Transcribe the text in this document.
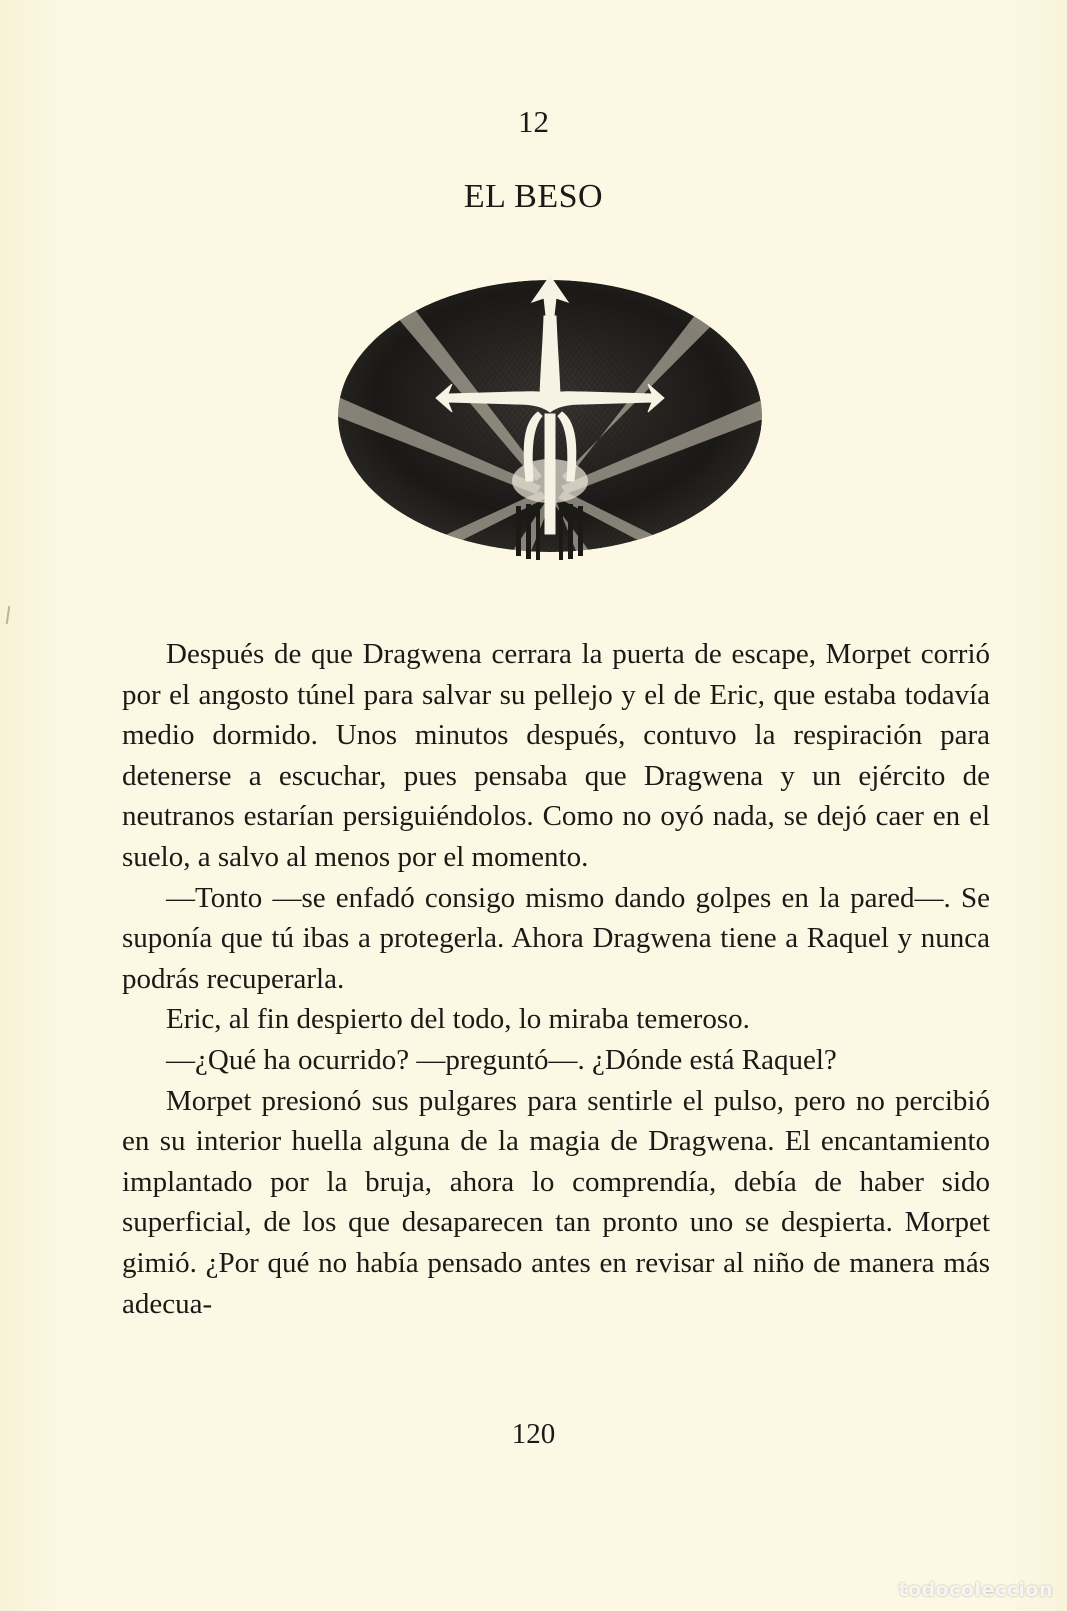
12
EL BESO

Después de que Dragwena cerrara la puerta de escape, Morpet corrió por el angosto túnel para salvar su pellejo y el de Eric, que estaba todavía medio dormido. Unos minutos después, contuvo la respiración para detenerse a escuchar, pues pensaba que Dragwena y un ejército de neutranos estarían persiguiéndolos. Como no oyó nada, se dejó caer en el suelo, a salvo al menos por el momento.

—Tonto —se enfadó consigo mismo dando golpes en la pared—. Se suponía que tú ibas a protegerla. Ahora Dragwena tiene a Raquel y nunca podrás recuperarla.

Eric, al fin despierto del todo, lo miraba temeroso.

—¿Qué ha ocurrido? —preguntó—. ¿Dónde está Raquel?

Morpet presionó sus pulgares para sentirle el pulso, pero no percibió en su interior huella alguna de la magia de Dragwena. El encantamiento implantado por la bruja, ahora lo comprendía, debía de haber sido superficial, de los que desaparecen tan pronto uno se despierta. Morpet gimió. ¿Por qué no había pensado antes en revisar al niño de manera más adecua-

120
todocoleccion
